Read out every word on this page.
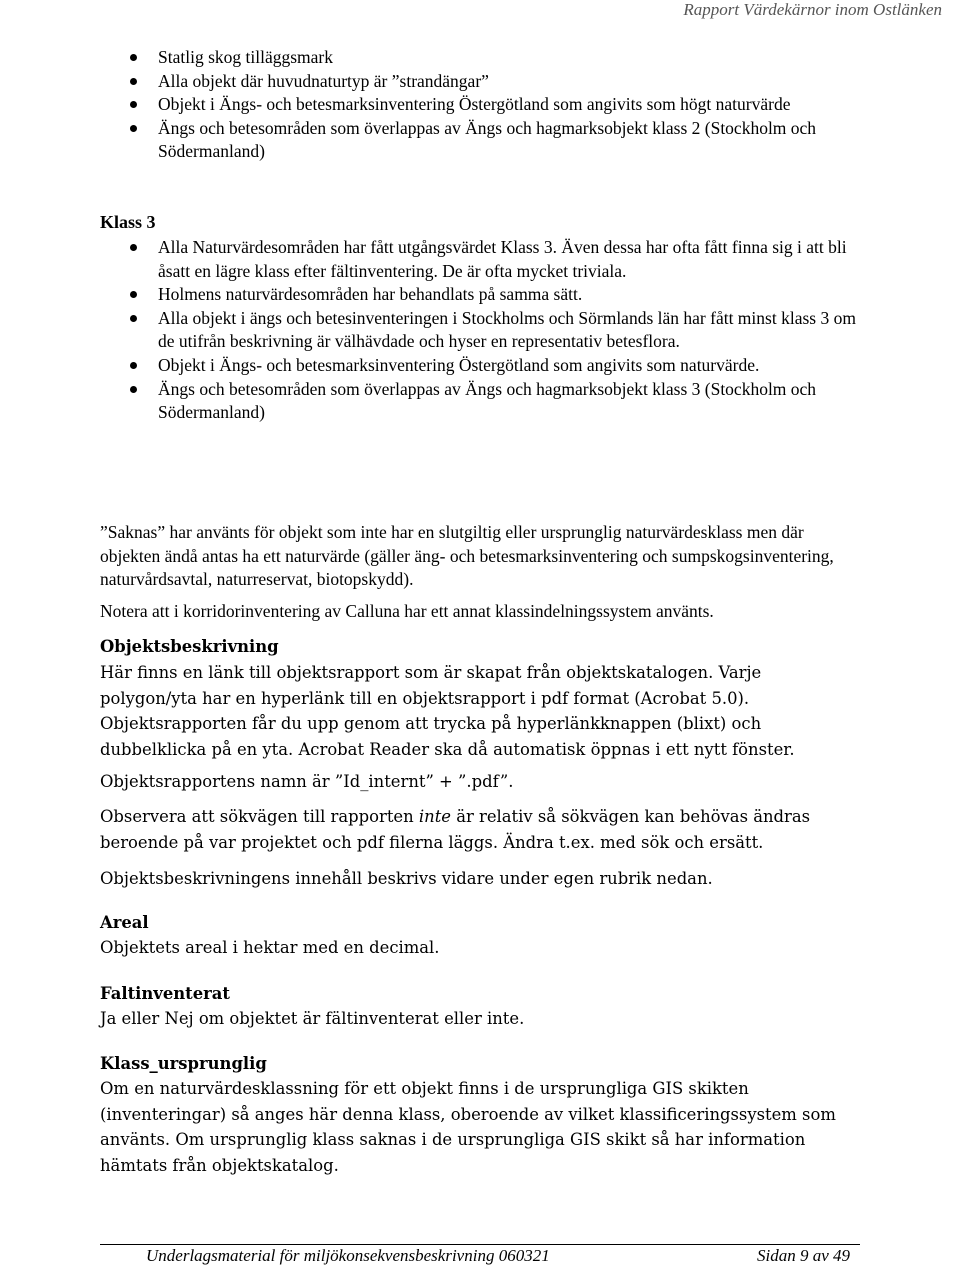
Rapport Värdekärnor inom Ostlänken
Statlig skog tilläggsmark
Alla objekt där huvudnaturtyp är ”strandängar”
Objekt i Ängs- och betesmarksinventering Östergötland som angivits som högt naturvärde
Ängs och betesområden som överlappas av Ängs och hagmarksobjekt klass 2 (Stockholm och Södermanland)
Klass 3
Alla Naturvärdesområden har fått utgångsvärdet Klass 3. Även dessa har ofta fått finna sig i att bli åsatt en lägre klass efter fältinventering. De är ofta mycket triviala.
Holmens naturvärdesområden har behandlats på samma sätt.
Alla objekt i ängs och betesinventeringen i Stockholms och Sörmlands län har fått minst klass 3 om de utifrån beskrivning är välhävdade och hyser en representativ betesflora.
Objekt i Ängs- och betesmarksinventering Östergötland som angivits som naturvärde.
Ängs och betesområden som överlappas av Ängs och hagmarksobjekt klass 3 (Stockholm och Södermanland)

”Saknas” har använts för objekt som inte har en slutgiltig eller ursprunglig naturvärdesklass men där objekten ändå antas ha ett naturvärde (gäller äng- och betesmarksinventering och sumpskogsinventering, naturvårdsavtal, naturreservat, biotopskydd).

Notera att i korridorinventering av Calluna har ett annat klassindelningssystem använts.

Objektsbeskrivning

Här finns en länk till objektsrapport som är skapat från objektskatalogen. Varje polygon/yta har en hyperlänk till en objektsrapport i pdf format (Acrobat 5.0). Objektsrapporten får du upp genom att trycka på hyperlänkknappen (blixt) och dubbelklicka på en yta. Acrobat Reader ska då automatisk öppnas i ett nytt fönster.

Objektsrapportens namn är ”Id_internt” + ”.pdf”.

Observera att sökvägen till rapporten inte är relativ så sökvägen kan behövas ändras beroende på var projektet och pdf filerna läggs. Ändra t.ex. med sök och ersätt.

Objektsbeskrivningens innehåll beskrivs vidare under egen rubrik nedan.

Areal

Objektets areal i hektar med en decimal.

Faltinventerat

Ja eller Nej om objektet är fältinventerat eller inte.

Klass_ursprunglig

Om en naturvärdesklassning för ett objekt finns i de ursprungliga GIS skikten (inventeringar) så anges här denna klass, oberoende av vilket klassificeringssystem som använts. Om ursprunglig klass saknas i de ursprungliga GIS skikt så har information hämtats från objektskatalog.

Underlagsmaterial för miljökonsekvensbeskrivning 060321	Sidan 9 av 49
